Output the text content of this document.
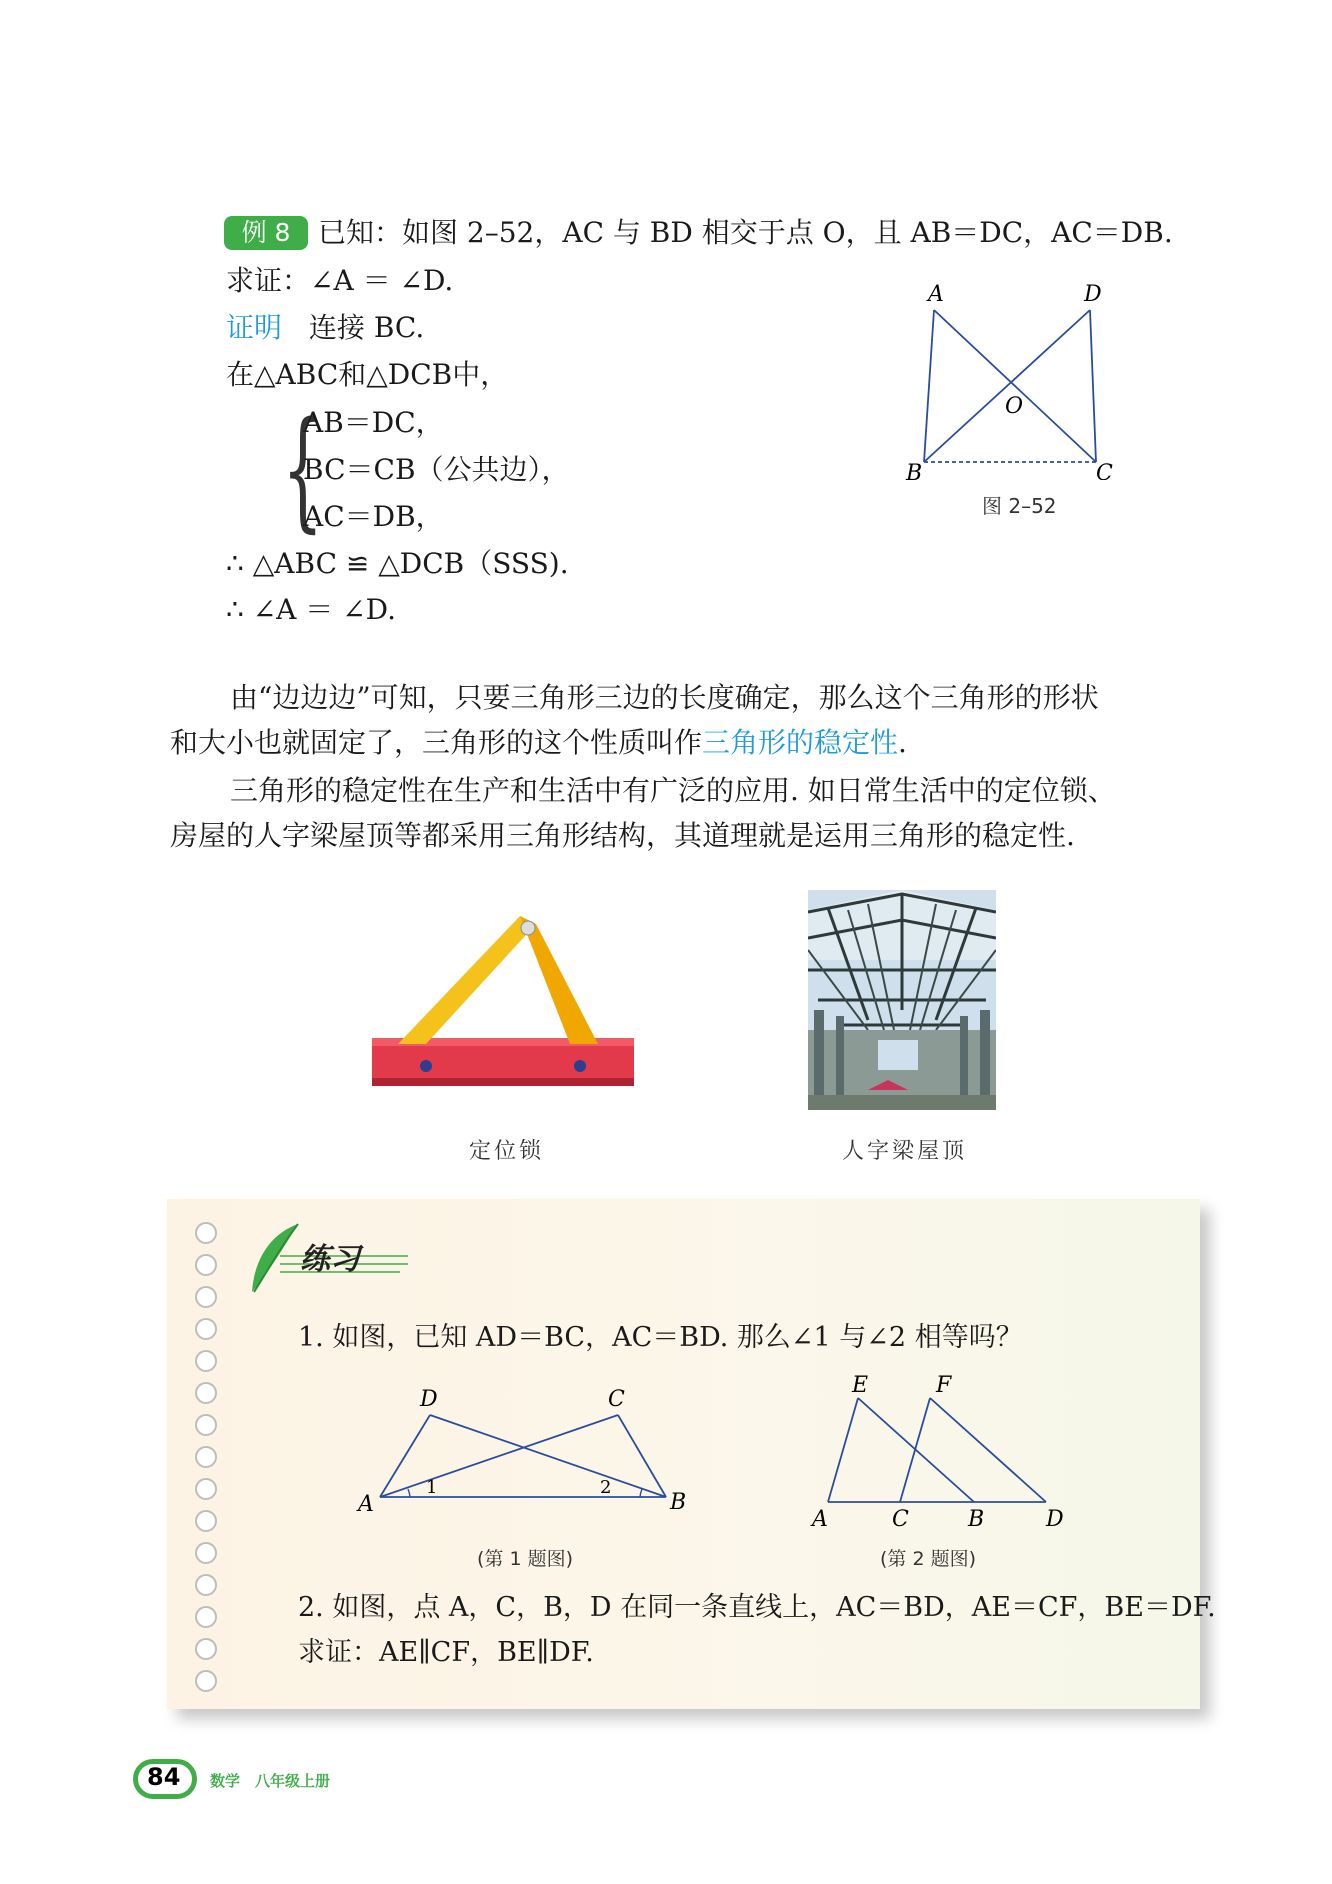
例 8 已知：如图 2–52，AC 与 BD 相交于点 O，且 AB＝DC，AC＝DB.
求证：∠A ＝ ∠D.
证明 连接 BC.
在△ABC和△DCB中，
{
AB＝DC，
BC＝CB（公共边），
AC＝DB，
∴ △ABC ≌ △DCB（SSS).
∴ ∠A ＝ ∠D.
A	D
O
B	C
图 2–52
由“边边边”可知，只要三角形三边的长度确定，那么这个三角形的形状
和大小也就固定了，三角形的这个性质叫作三角形的稳定性.
三角形的稳定性在生产和生活中有广泛的应用. 如日常生活中的定位锁、
房屋的人字梁屋顶等都采用三角形结构，其道理就是运用三角形的稳定性.
定位锁	人字梁屋顶
练习
1. 如图，已知 AD＝BC，AC＝BD. 那么∠1 与∠2 相等吗？
D	C
A	B
1	2
(第 1 题图)
E	F
A	C	B	D
(第 2 题图)
2. 如图，点 A，C，B，D 在同一条直线上，AC＝BD，AE＝CF，BE＝DF.
求证：AE∥CF，BE∥DF.
84 数学　八年级上册
